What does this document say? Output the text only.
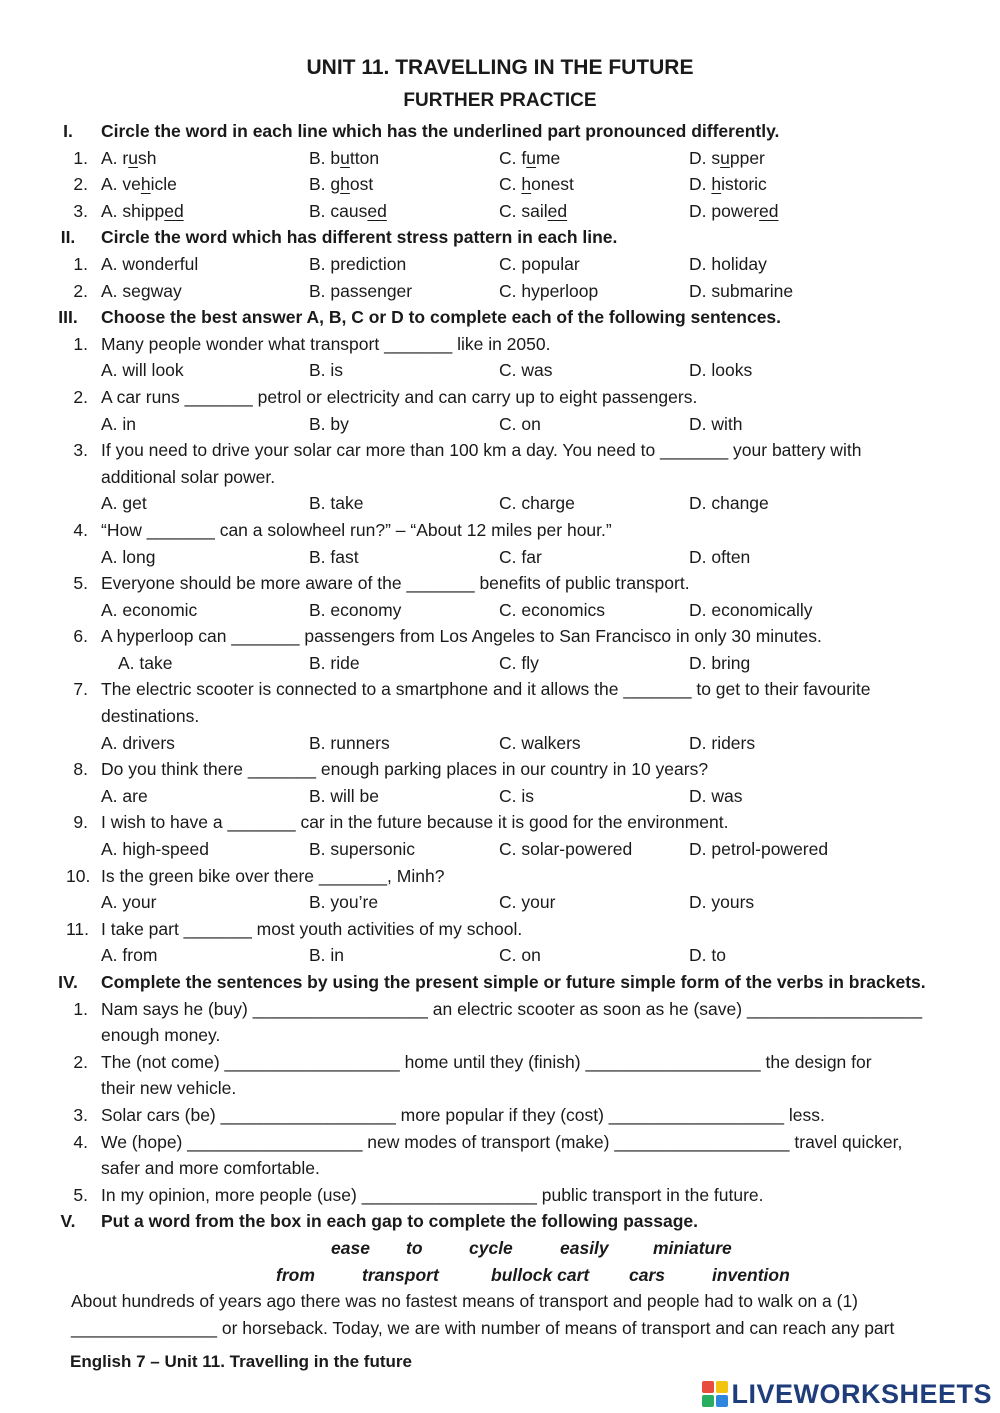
UNIT 11. TRAVELLING IN THE FUTURE
FURTHER PRACTICE
I.	Circle the word in each line which has the underlined part pronounced differently.
1. A. rush	B. button	C. fume	D. supper
2. A. vehicle	B. ghost	C. honest	D. historic
3. A. shipped	B. caused	C. sailed	D. powered
II.	Circle the word which has different stress pattern in each line.
1. A. wonderful	B. prediction	C. popular	D. holiday
2. A. segway	B. passenger	C. hyperloop	D. submarine
III.	Choose the best answer A, B, C or D to complete each of the following sentences.
1. Many people wonder what transport _______ like in 2050.
A. will look	B. is	C. was	D. looks
2. A car runs _______ petrol or electricity and can carry up to eight passengers.
A. in	B. by	C. on	D. with
3. If you need to drive your solar car more than 100 km a day. You need to _______ your battery with
additional solar power.
A. get	B. take	C. charge	D. change
4. “How _______ can a solowheel run?” – “About 12 miles per hour.”
A. long	B. fast	C. far	D. often
5. Everyone should be more aware of the _______ benefits of public transport.
A. economic	B. economy	C. economics	D. economically
6. A hyperloop can _______ passengers from Los Angeles to San Francisco in only 30 minutes.
A. take	B. ride	C. fly	D. bring
7. The electric scooter is connected to a smartphone and it allows the _______ to get to their favourite
destinations.
A. drivers	B. runners	C. walkers	D. riders
8. Do you think there _______ enough parking places in our country in 10 years?
A. are	B. will be	C. is	D. was
9. I wish to have a _______ car in the future because it is good for the environment.
A. high-speed	B. supersonic	C. solar-powered	D. petrol-powered
10. Is the green bike over there _______, Minh?
A. your	B. you’re	C. your	D. yours
11. I take part _______ most youth activities of my school.
A. from	B. in	C. on	D. to
IV.	Complete the sentences by using the present simple or future simple form of the verbs in brackets.
1. Nam says he (buy) __________________ an electric scooter as soon as he (save) __________________
enough money.
2. The (not come) __________________ home until they (finish) __________________ the design for
their new vehicle.
3. Solar cars (be) __________________ more popular if they (cost) __________________ less.
4. We (hope) __________________ new modes of transport (make) __________________ travel quicker,
safer and more comfortable.
5. In my opinion, more people (use) __________________ public transport in the future.
V.	Put a word from the box in each gap to complete the following passage.
ease to	cycle	easily	miniature
from	transport	bullock cart cars	invention
About hundreds of years ago there was no fastest means of transport and people had to walk on a (1)
_______________ or horseback. Today, we are with number of means of transport and can reach any part
English 7 – Unit 11. Travelling in the future
LIVEWORKSHEETS
